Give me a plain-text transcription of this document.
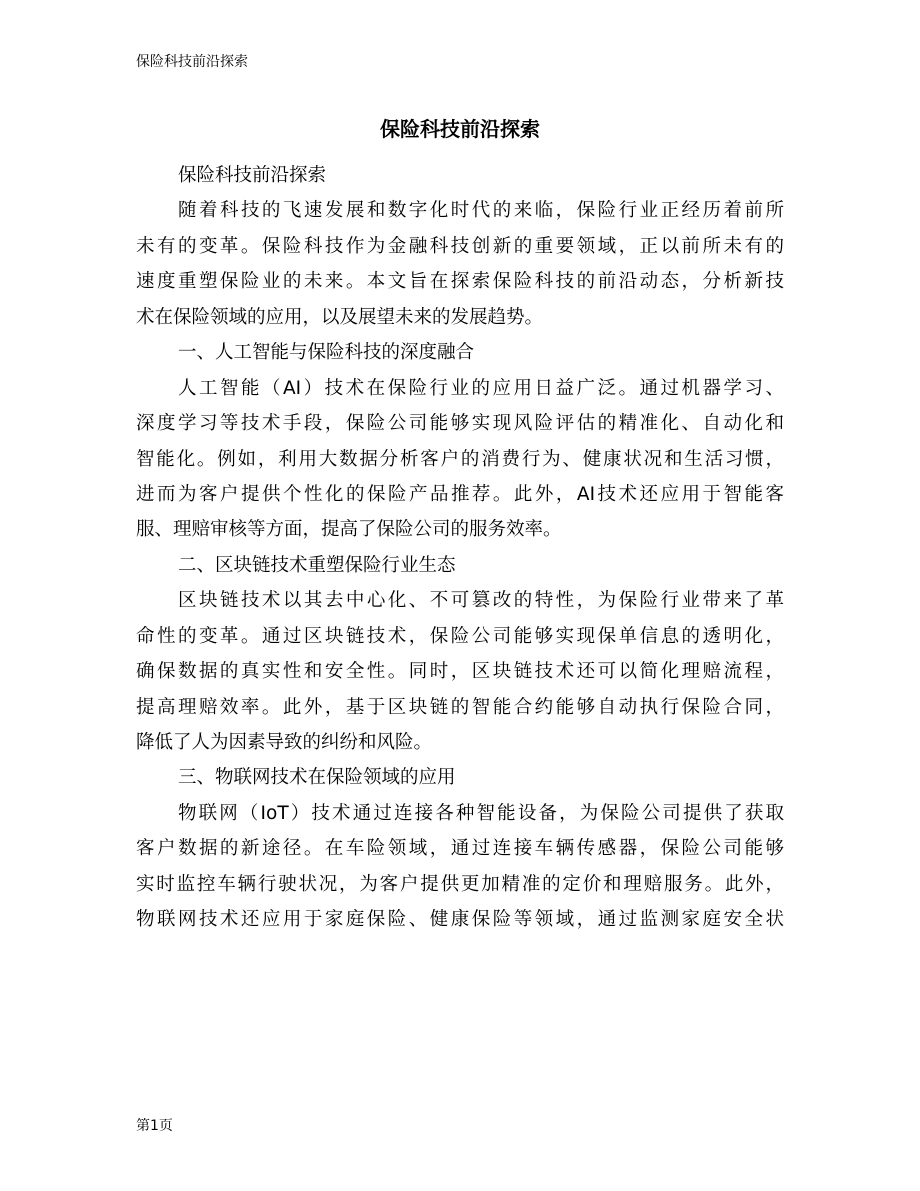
保险科技前沿探索
保险科技前沿探索
保险科技前沿探索
随着科技的飞速发展和数字化时代的来临，保险行业正经历着前所
未有的变革。保险科技作为金融科技创新的重要领域，正以前所未有的
速度重塑保险业的未来。本文旨在探索保险科技的前沿动态，分析新技
术在保险领域的应用，以及展望未来的发展趋势。
一、人工智能与保险科技的深度融合
人工智能（AI）技术在保险行业的应用日益广泛。通过机器学习、
深度学习等技术手段，保险公司能够实现风险评估的精准化、自动化和
智能化。例如，利用大数据分析客户的消费行为、健康状况和生活习惯，
进而为客户提供个性化的保险产品推荐。此外，AI技术还应用于智能客
服、理赔审核等方面，提高了保险公司的服务效率。
二、区块链技术重塑保险行业生态
区块链技术以其去中心化、不可篡改的特性，为保险行业带来了革
命性的变革。通过区块链技术，保险公司能够实现保单信息的透明化，
确保数据的真实性和安全性。同时，区块链技术还可以简化理赔流程，
提高理赔效率。此外，基于区块链的智能合约能够自动执行保险合同，
降低了人为因素导致的纠纷和风险。
三、物联网技术在保险领域的应用
物联网（IoT）技术通过连接各种智能设备，为保险公司提供了获取
客户数据的新途径。在车险领域，通过连接车辆传感器，保险公司能够
实时监控车辆行驶状况，为客户提供更加精准的定价和理赔服务。此外，
物联网技术还应用于家庭保险、健康保险等领域，通过监测家庭安全状
第1页
